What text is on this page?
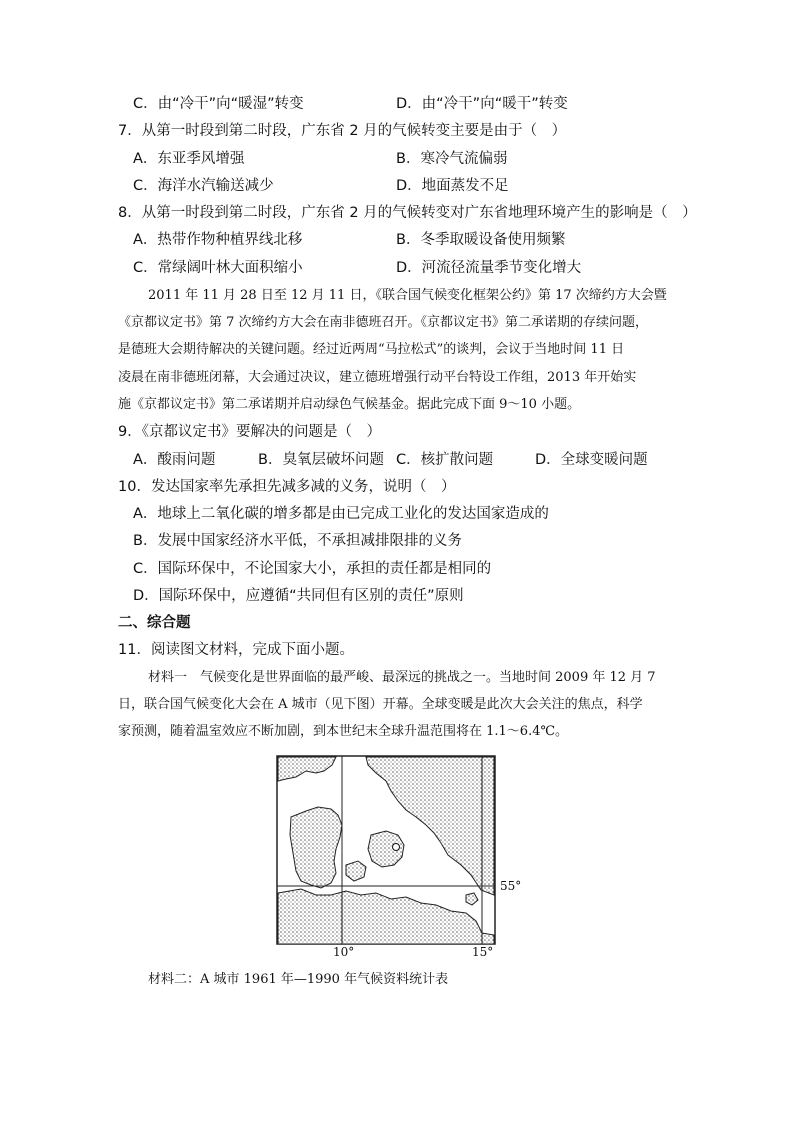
C．由“冷干”向“暖湿”转变	D．由“冷干”向“暖干”转变
7．从第一时段到第二时段，广东省 2 月的气候转变主要是由于（　）
A．东亚季风增强	B．寒冷气流偏弱
C．海洋水汽输送减少	D．地面蒸发不足
8．从第一时段到第二时段，广东省 2 月的气候转变对广东省地理环境产生的影响是（　）
A．热带作物种植界线北移	B．冬季取暖设备使用频繁
C．常绿阔叶林大面积缩小	D．河流径流量季节变化增大
2011 年 11 月 28 日至 12 月 11 日，《联合国气候变化框架公约》第 17 次缔约方大会暨
《京都议定书》第 7 次缔约方大会在南非德班召开。《京都议定书》第二承诺期的存续问题，
是德班大会期待解决的关键问题。经过近两周“马拉松式”的谈判，会议于当地时间 11 日
凌晨在南非德班闭幕，大会通过决议，建立德班增强行动平台特设工作组，2013 年开始实
施《京都议定书》第二承诺期并启动绿色气候基金。据此完成下面 9～10 小题。
9．《京都议定书》要解决的问题是（　）
A．酸雨问题	B．臭氧层破坏问题 C．核扩散问题	D．全球变暖问题
10．发达国家率先承担先减多减的义务，说明（　）
A．地球上二氧化碳的增多都是由已完成工业化的发达国家造成的
B．发展中国家经济水平低，不承担减排限排的义务
C．国际环保中，不论国家大小，承担的责任都是相同的
D．国际环保中，应遵循“共同但有区别的责任”原则
二、综合题
11．阅读图文材料，完成下面小题。
材料一　气候变化是世界面临的最严峻、最深远的挑战之一。当地时间 2009 年 12 月 7
日，联合国气候变化大会在 A 城市（见下图）开幕。全球变暖是此次大会关注的焦点，科学
家预测，随着温室效应不断加剧，到本世纪末全球升温范围将在 1.1～6.4℃。
55°
10°	15°
材料二：A 城市 1961 年—1990 年气候资料统计表
